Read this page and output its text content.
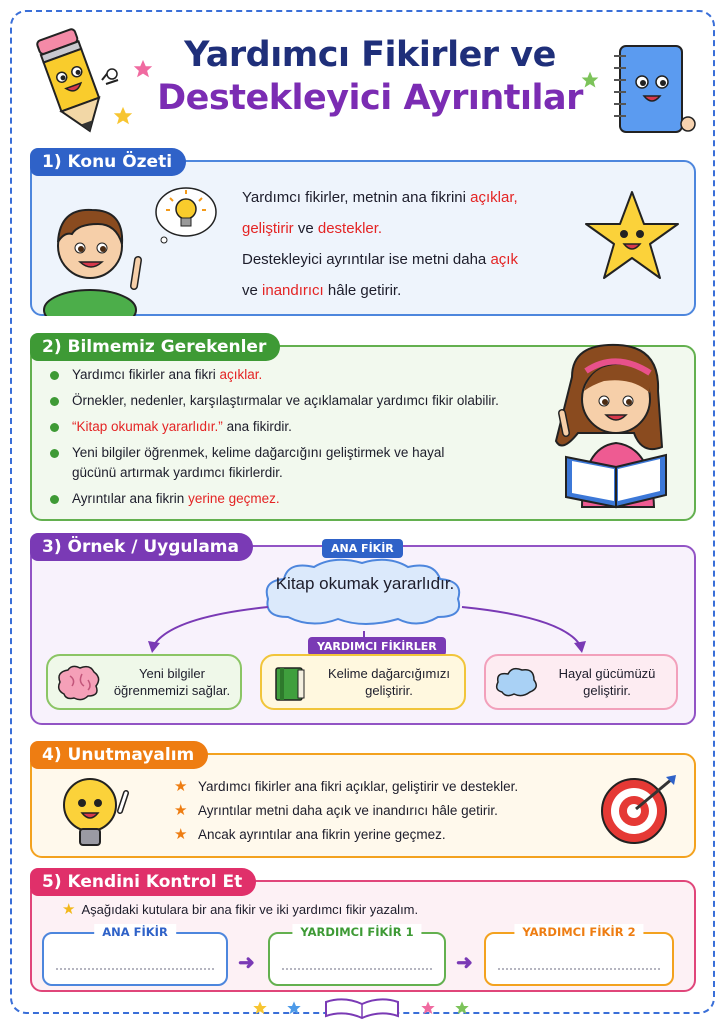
Yardımcı Fikirler ve
Destekleyici Ayrıntılar
1) Konu Özeti
Yardımcı fikirler, metnin ana fikrini açıklar,
geliştirir ve destekler.
Destekleyici ayrıntılar ise metni daha açık
ve inandırıcı hâle getirir.
2) Bilmemiz Gerekenler
Yardımcı fikirler ana fikri açıklar.
Örnekler, nedenler, karşılaştırmalar ve açıklamalar yardımcı fikir olabilir.
“Kitap okumak yararlıdır.” ana fikirdir.
Yeni bilgiler öğrenmek, kelime dağarcığını geliştirmek ve hayal gücünü artırmak yardımcı fikirlerdir.
Ayrıntılar ana fikrin yerine geçmez.
3) Örnek / Uygulama	ANA FİKİR
Kitap okumak yararlıdır.
YARDIMCI FİKİRLER
Yeni bilgiler öğrenmemizi sağlar.
Kelime dağarcığımızı geliştirir.
Hayal gücümüzü geliştirir.
4) Unutmayalım
★ Yardımcı fikirler ana fikri açıklar, geliştirir ve destekler.
★ Ayrıntılar metni daha açık ve inandırıcı hâle getirir.
★ Ancak ayrıntılar ana fikrin yerine geçmez.
5) Kendini Kontrol Et
★ Aşağıdaki kutulara bir ana fikir ve iki yardımcı fikir yazalım.
ANA FİKİR
➜
YARDIMCI FİKİR 1
➜
YARDIMCI FİKİR 2
